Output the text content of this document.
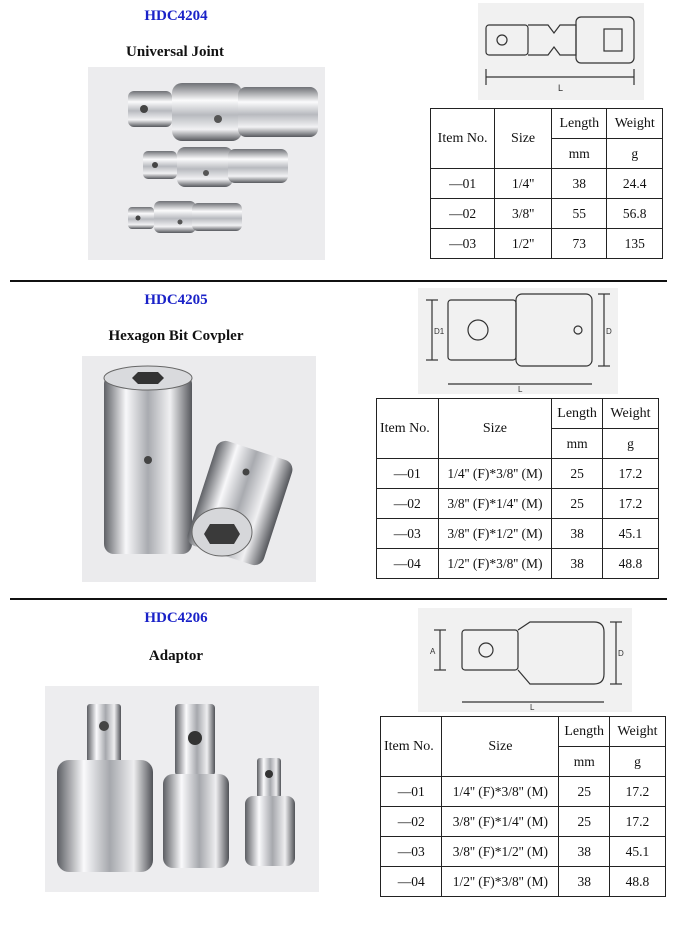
HDC4204
Universal Joint
L
Item No.	Size	Length	Weight
		mm	g
—01	1/4''	38	24.4
—02	3/8''	55	56.8
—03	1/2''	73	135
HDC4205
Hexagon Bit Covpler	D1	D
L
Item No.	Size	Length	Weight
		mm	g
—01	1/4'' (F)*3/8'' (M)	25	17.2
—02	3/8'' (F)*1/4'' (M)	25	17.2
—03	3/8'' (F)*1/2'' (M)	38	45.1
—04	1/2'' (F)*3/8'' (M)	38	48.8
HDC4206
Adaptor	A	D
L
Item No.	Size	Length	Weight
		mm	g
—01	1/4'' (F)*3/8'' (M)	25	17.2
—02	3/8'' (F)*1/4'' (M)	25	17.2
—03	3/8'' (F)*1/2'' (M)	38	45.1
—04	1/2'' (F)*3/8'' (M)	38	48.8
